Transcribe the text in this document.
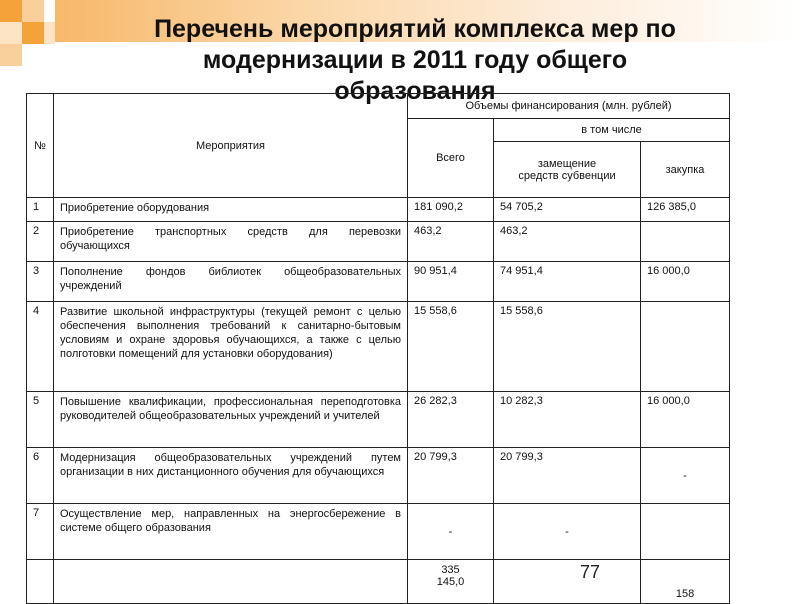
Перечень мероприятий комплекса мер по
модернизации в 2011 году общего
образования
№	Мероприятия	Объемы финансирования (млн. рублей)		
		Всего	в том числе	
			замещение средств субвенции	закупка
1	Приобретение оборудования	181 090,2	54 705,2	126 385,0
2	Приобретение транспортных средств для перевозки обучающихся	463,2	463,2	
3	Пополнение фондов библиотек общеобразовательных учреждений	90 951,4	74 951,4	16 000,0
4	Развитие школьной инфраструктуры (текущей ремонт с целью обеспечения выполнения требований к санитарно-бытовым условиям и охране здоровья обучающихся, а также с целью полготовки помещений для установки оборудования)	15 558,6	15 558,6	
5	Повышение квалификации, профессиональная переподготовка руководителей общеобразовательных учреждений и учителей	26 282,3	10 282,3	16 000,0
6	Модернизация общеобразовательных учреждений путем организации в них дистанционного обучения для обучающихся	20 799,3	20 799,3	-
7	Осуществление мер, направленных на энергосбережение в системе общего образования	-	-	
		335 145,0		158
77
